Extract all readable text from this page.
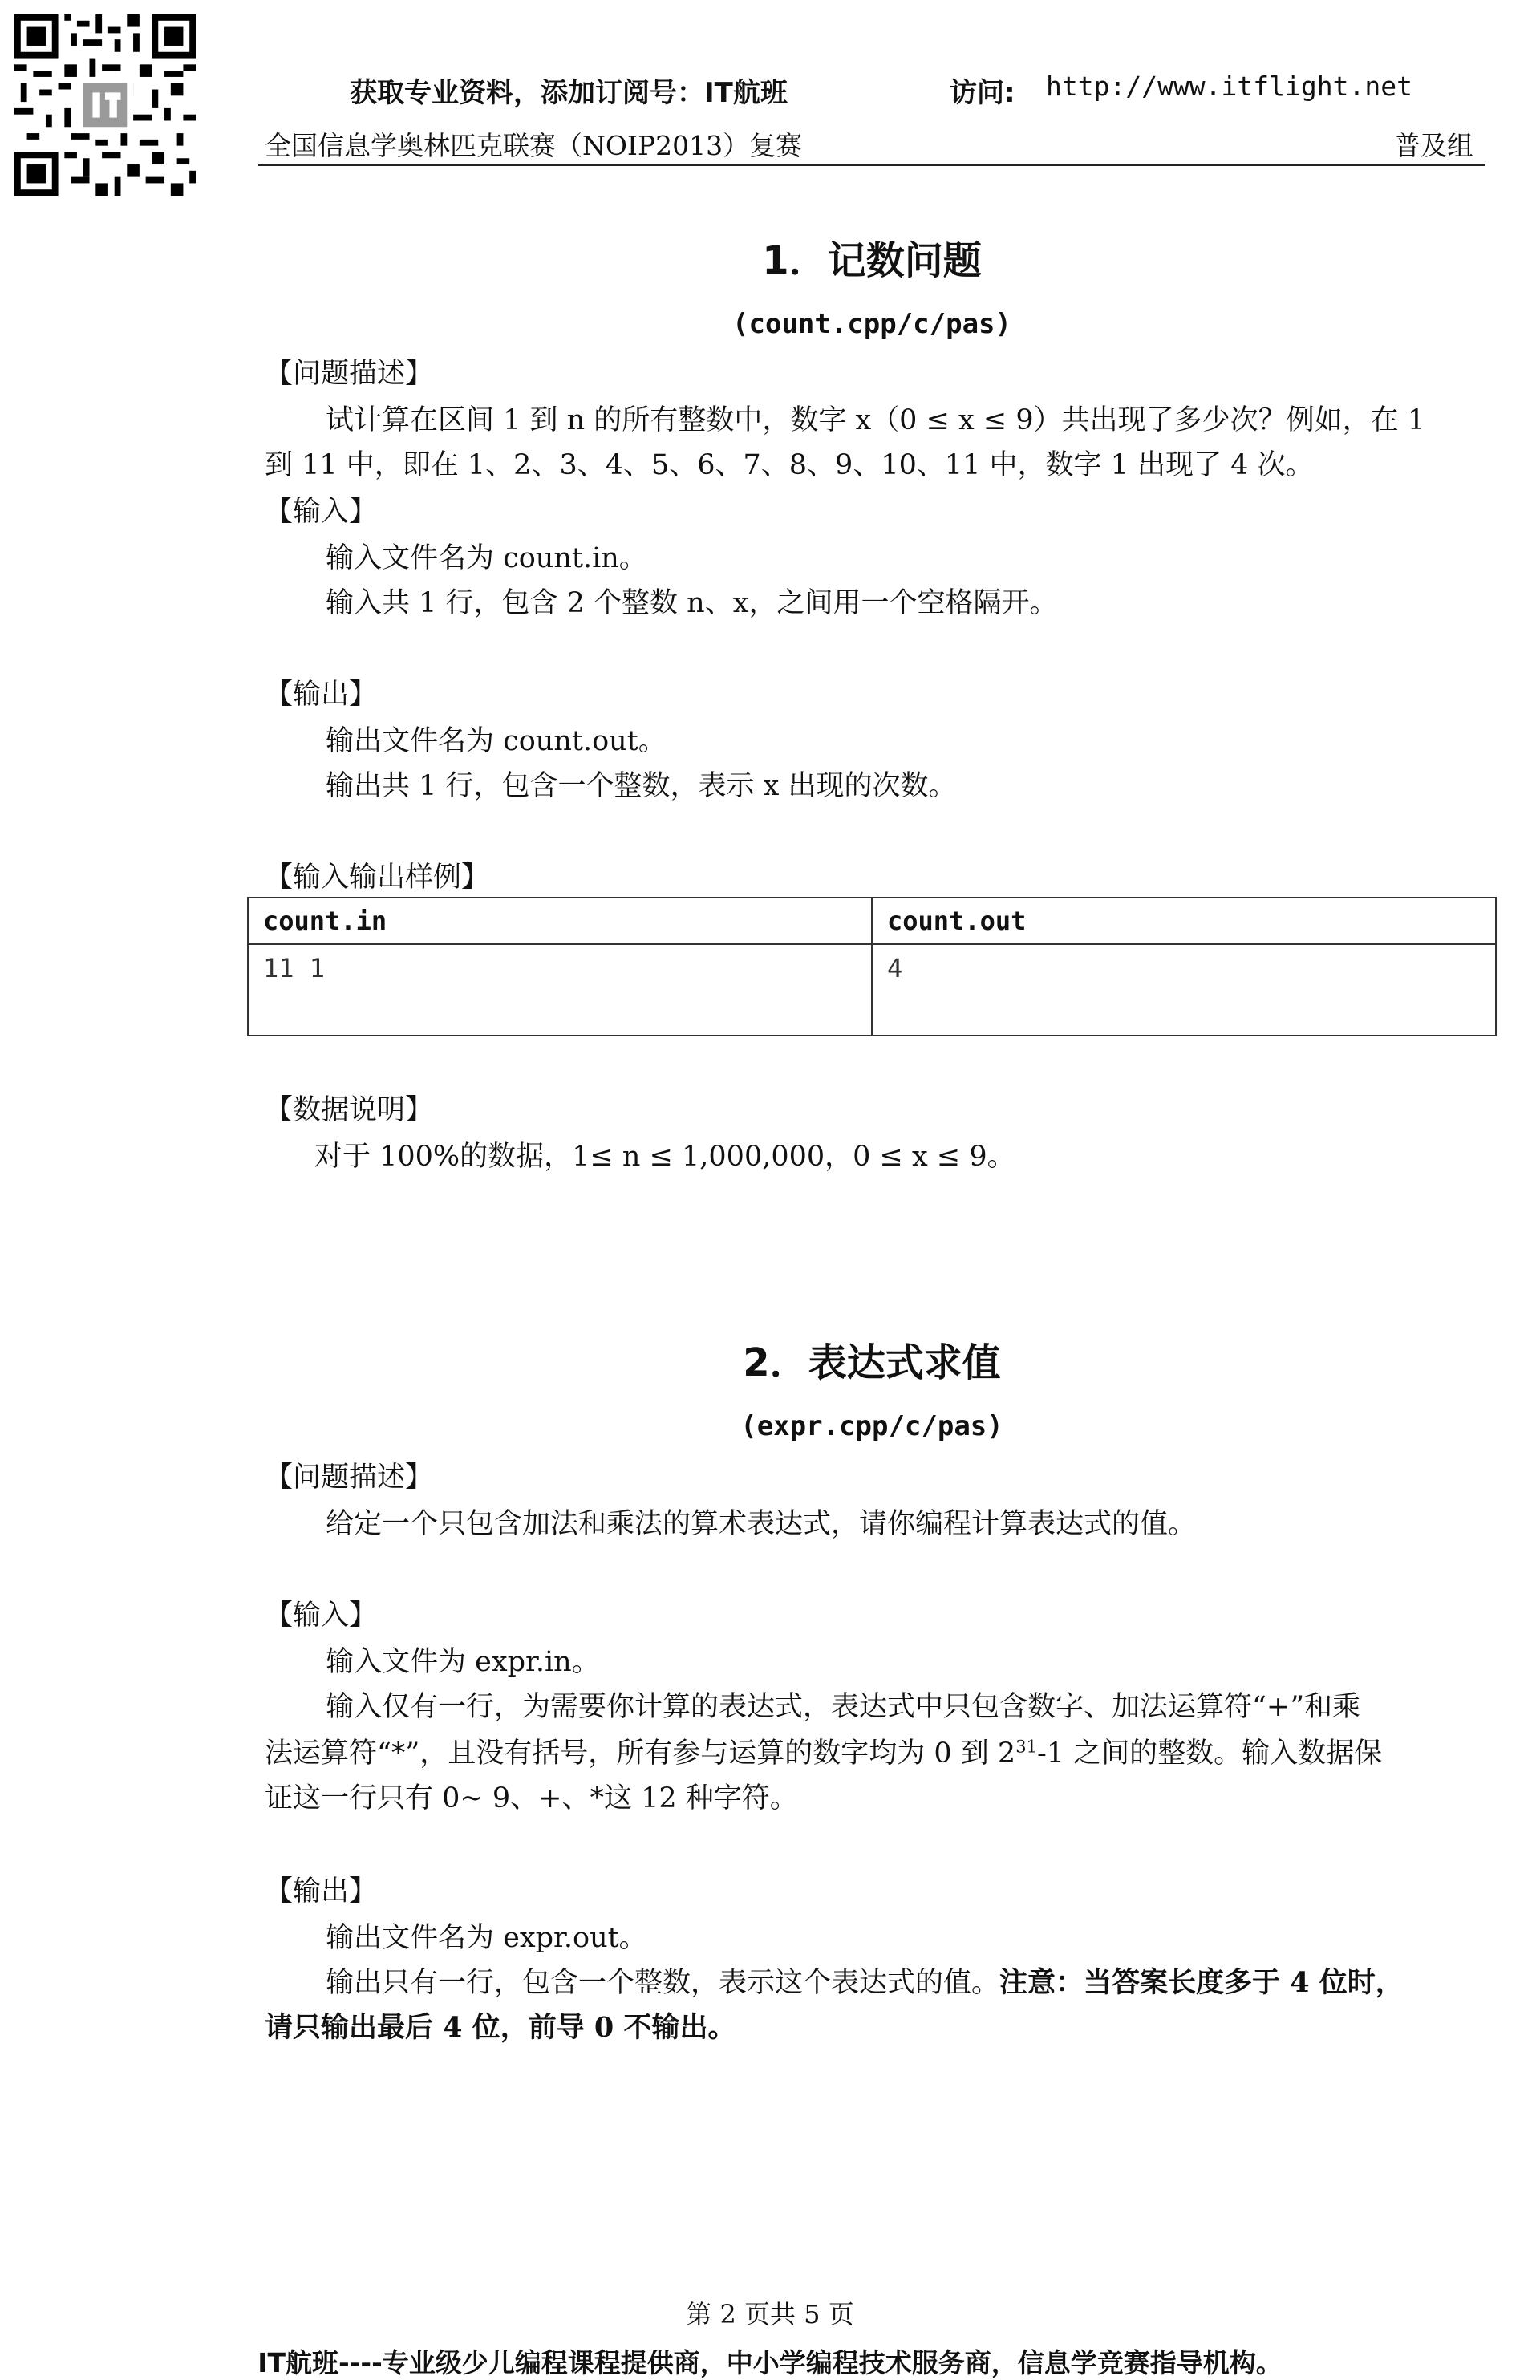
获取专业资料，添加订阅号：IT航班	访问: http://www.itflight.net
全国信息学奥林匹克联赛（NOIP2013）复赛	普及组
1．记数问题
(count.cpp/c/pas)
【问题描述】
试计算在区间 1 到 n 的所有整数中，数字 x（0 ≤ x ≤ 9）共出现了多少次？例如，在 1
到 11 中，即在 1、2、3、4、5、6、7、8、9、10、11 中，数字 1 出现了 4 次。
【输入】
输入文件名为 count.in。
输入共 1 行，包含 2 个整数 n、x，之间用一个空格隔开。
【输出】
输出文件名为 count.out。
输出共 1 行，包含一个整数，表示 x 出现的次数。
【输入输出样例】
count.in	count.out
11 1	4
【数据说明】
对于 100%的数据，1≤ n ≤ 1,000,000，0 ≤ x ≤ 9。
2．表达式求值
(expr.cpp/c/pas)
【问题描述】
给定一个只包含加法和乘法的算术表达式，请你编程计算表达式的值。
【输入】
输入文件为 expr.in。
输入仅有一行，为需要你计算的表达式，表达式中只包含数字、加法运算符“+”和乘
法运算符“*”，且没有括号，所有参与运算的数字均为 0 到 $2^{31}-1$ 之间的整数。输入数据保
证这一行只有 0~ 9、+、*这 12 种字符。
【输出】
输出文件名为 expr.out。
输出只有一行，包含一个整数，表示这个表达式的值。注意：当答案长度多于 4 位时，
请只输出最后 4 位，前导 0 不输出。
第 2 页共 5 页
IT航班----专业级少儿编程课程提供商，中小学编程技术服务商，信息学竞赛指导机构。
